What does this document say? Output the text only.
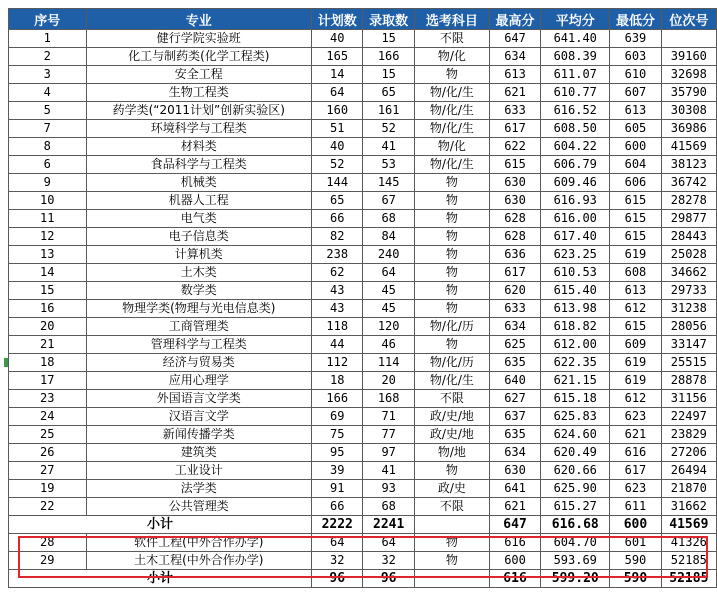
序号	专业	计划数	录取数	选考科目	最高分	平均分	最低分	位次号
1	健行学院实验班	40	15	不限	647	641.40	639	
2	化工与制药类(化学工程类)	165	166	物/化	634	608.39	603	39160
3	安全工程	14	15	物	613	611.07	610	32698
4	生物工程类	64	65	物/化/生	621	610.77	607	35790
5	药学类(“2011计划”创新实验区)	160	161	物/化/生	633	616.52	613	30308
7	环境科学与工程类	51	52	物/化/生	617	608.50	605	36986
8	材料类	40	41	物/化	622	604.22	600	41569
6	食品科学与工程类	52	53	物/化/生	615	606.79	604	38123
9	机械类	144	145	物	630	609.46	606	36742
10	机器人工程	65	67	物	630	616.93	615	28278
11	电气类	66	68	物	628	616.00	615	29877
12	电子信息类	82	84	物	628	617.40	615	28443
13	计算机类	238	240	物	636	623.25	619	25028
14	土木类	62	64	物	617	610.53	608	34662
15	数学类	43	45	物	620	615.40	613	29733
16	物理学类(物理与光电信息类)	43	45	物	633	613.98	612	31238
20	工商管理类	118	120	物/化/历	634	618.82	615	28056
21	管理科学与工程类	44	46	物	625	612.00	609	33147
18	经济与贸易类	112	114	物/化/历	635	622.35	619	25515
17	应用心理学	18	20	物/化/生	640	621.15	619	28878
23	外国语言文学类	166	168	不限	627	615.18	612	31156
24	汉语言文学	69	71	政/史/地	637	625.83	623	22497
25	新闻传播学类	75	77	政/史/地	635	624.60	621	23829
26	建筑类	95	97	物/地	634	620.49	616	27206
27	工业设计	39	41	物	630	620.66	617	26494
19	法学类	91	93	政/史	641	625.90	623	21870
22	公共管理类	66	68	不限	621	615.27	611	31662
小计		2222	2241		647	616.68	600	41569
28	软件工程(中外合作办学)	64	64	物	616	604.70	601	41326
29	土木工程(中外合作办学)	32	32	物	600	593.69	590	52185
小计		96	96		616	599.20	590	52185
